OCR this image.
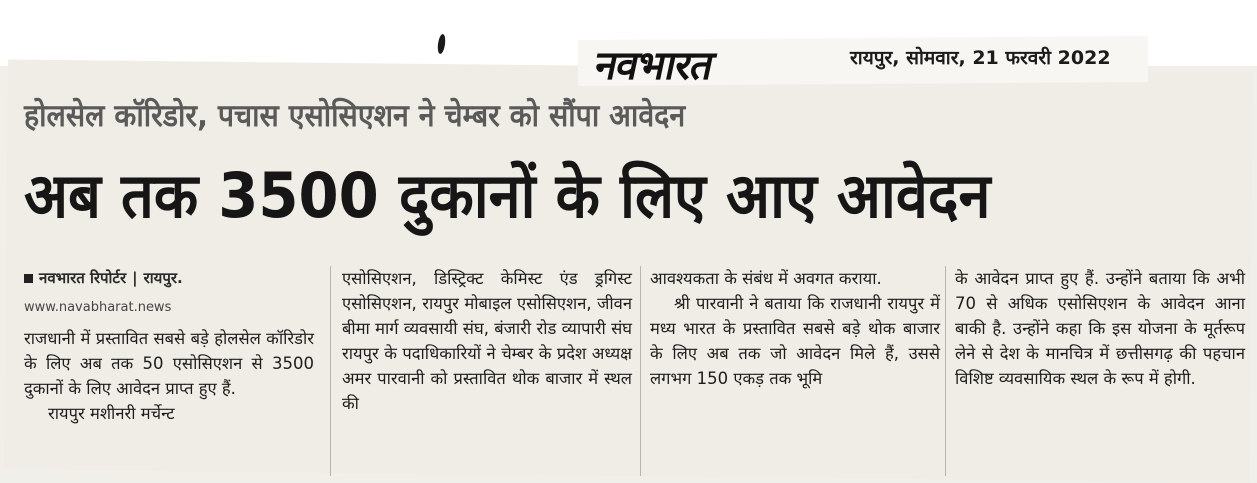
नवभारत	रायपुर, सोमवार, 21 फरवरी 2022
होलसेल कॉरिडोर, पचास एसोसिएशन ने चेम्बर को सौंपा आवेदन
अब तक 3500 दुकानों के लिए आए आवेदन
नवभारत रिपोर्टर | रायपुर.
www.navabharat.news

राजधानी में प्रस्तावित सबसे बड़े होलसेल कॉरिडोर के लिए अब तक 50 एसोसिएशन से 3500 दुकानों के लिए आवेदन प्राप्त हुए हैं.

रायपुर मशीनरी मर्चेन्ट

एसोसिएशन, डिस्ट्रिक्ट केमिस्ट एंड ड्रगिस्ट एसोसिएशन, रायपुर मोबाइल एसोसिएशन, जीवन बीमा मार्ग व्यवसायी संघ, बंजारी रोड व्यापारी संघ रायपुर के पदाधिकारियों ने चेम्बर के प्रदेश अध्यक्ष अमर पारवानी को प्रस्तावित थोक बाजार में स्थल की

आवश्यकता के संबंध में अवगत कराया.

श्री पारवानी ने बताया कि राजधानी रायपुर में मध्य भारत के प्रस्तावित सबसे बड़े थोक बाजार के लिए अब तक जो आवेदन मिले हैं, उससे लगभग 150 एकड़ तक भूमि

के आवेदन प्राप्त हुए हैं. उन्होंने बताया कि अभी 70 से अधिक एसोसिएशन के आवेदन आना बाकी है. उन्होंने कहा कि इस योजना के मूर्तरूप लेने से देश के मानचित्र में छत्तीसगढ़ की पहचान विशिष्ट व्यवसायिक स्थल के रूप में होगी.
